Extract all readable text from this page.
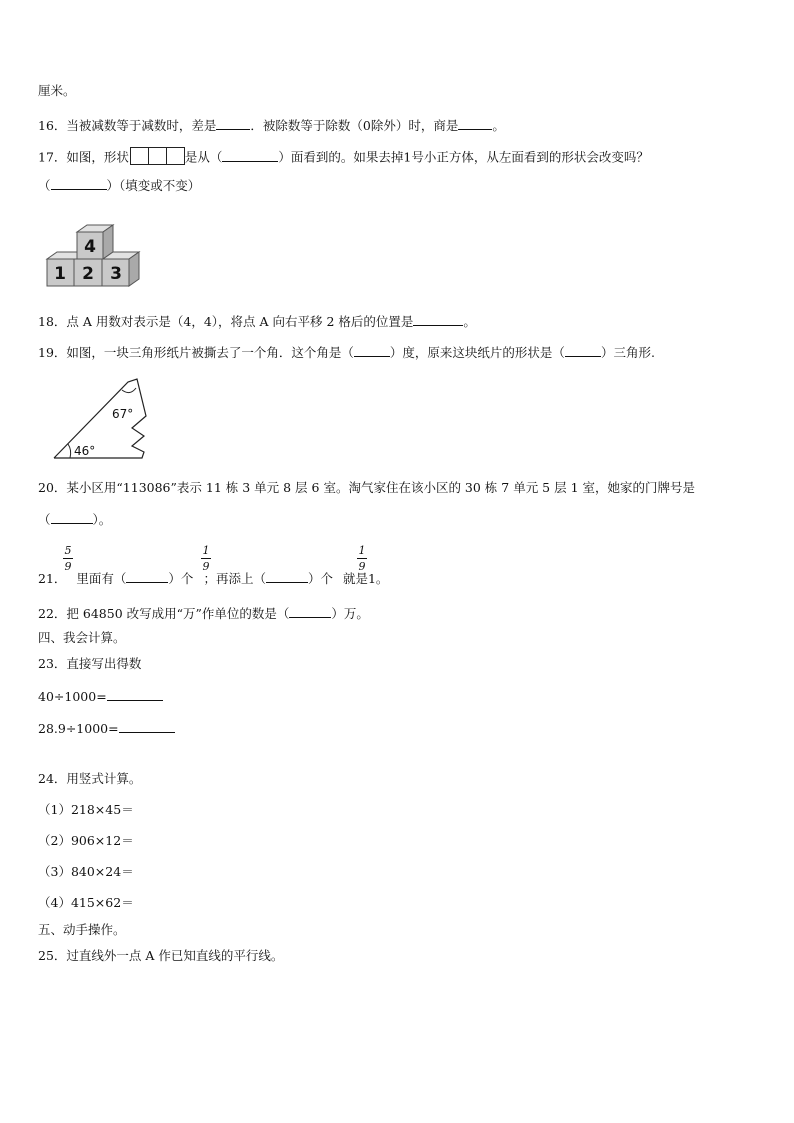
厘米。
16．当被减数等于减数时，差是	．被除数等于除数（0除外）时，商是	。
17．如图，形状	是从（	）面看到的。如果去掉1号小正方体，从左面看到的形状会改变吗？
（	）（填变或不变）
4
1 2 3
18．点 A 用数对表示是（4，4），将点 A 向右平移 2 格后的位置是	。
19．如图，一块三角形纸片被撕去了一个角．这个角是（	）度，原来这块纸片的形状是（	）三角形.
67°
46°
20．某小区用“113086”表示 11 栋 3 单元 8 层 6 室。淘气家住在该小区的 30 栋 7 单元 5 层 1 室，她家的门牌号是
（	）。
5
9
1
9
1
9
21． 里面有（	）个 ；再添上（	）个 就是1。
22．把 64850 改写成用“万”作单位的数是（	）万。
四、我会计算。
23．直接写出得数
40÷1000=
28.9÷1000=
24．用竖式计算。
（1）218×45＝
（2）906×12＝
（3）840×24＝
（4）415×62＝
五、动手操作。
25．过直线外一点 A 作已知直线的平行线。
